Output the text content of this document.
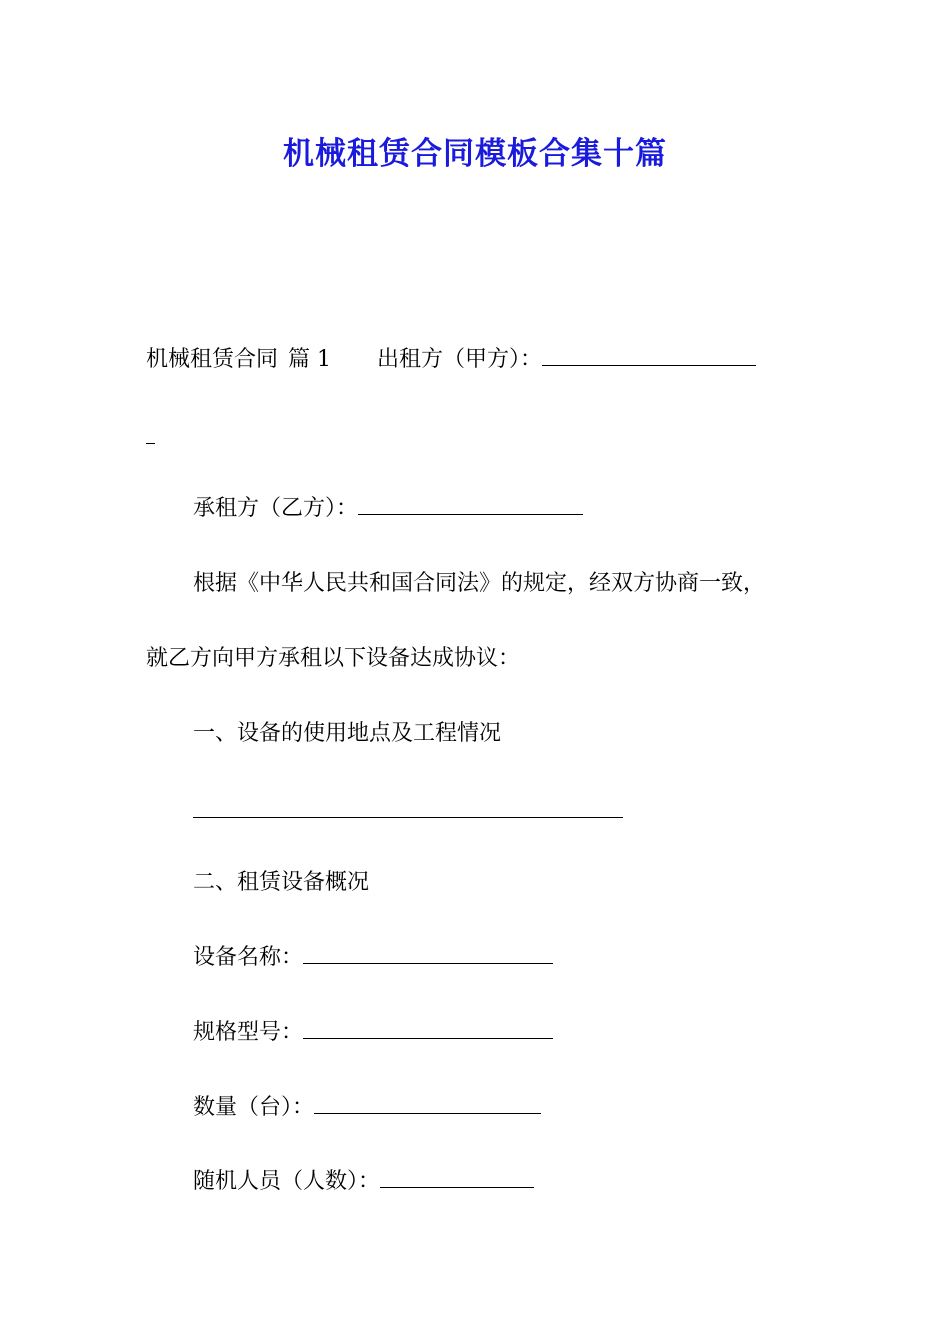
机械租赁合同模板合集十篇
机械租赁合同 篇 1 出租方（甲方）：
承租方（乙方）：
根据《中华人民共和国合同法》的规定，经双方协商一致，
就乙方向甲方承租以下设备达成协议：
一、设备的使用地点及工程情况
二、租赁设备概况
设备名称：
规格型号：
数量（台）：
随机人员（人数）：
